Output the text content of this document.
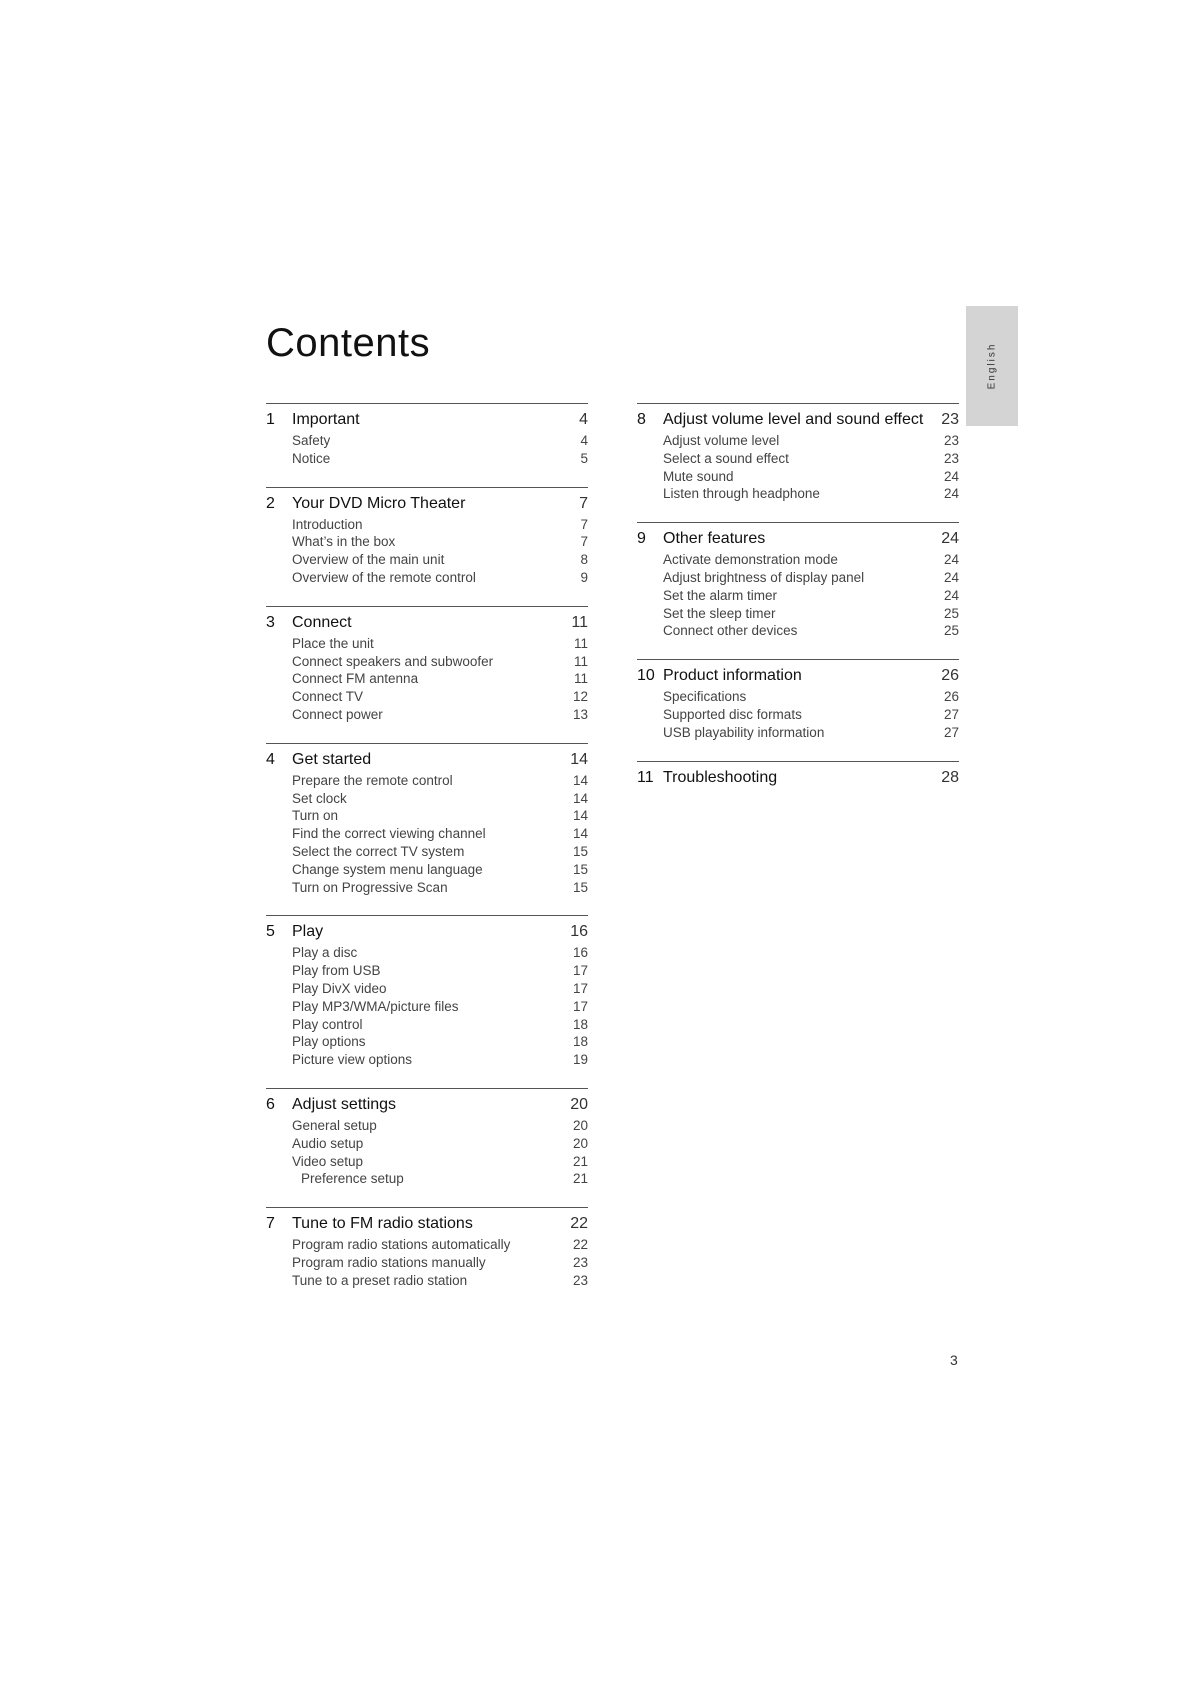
Contents	English
1	Important	4
Safety	4
Notice	5
2	Your DVD Micro Theater	7
Introduction	7
What’s in the box	7
Overview of the main unit	8
Overview of the remote control	9
3	Connect	11
Place the unit	11
Connect speakers and subwoofer	11
Connect FM antenna	11
Connect TV	12
Connect power	13
4	Get started	14
Prepare the remote control	14
Set clock	14
Turn on	14
Find the correct viewing channel	14
Select the correct TV system	15
Change system menu language	15
Turn on Progressive Scan	15
5	Play	16
Play a disc	16
Play from USB	17
Play DivX video	17
Play MP3/WMA/picture files	17
Play control	18
Play options	18
Picture view options	19
6	Adjust settings	20
General setup	20
Audio setup	20
Video setup	21
Preference setup	21
7	Tune to FM radio stations	22
Program radio stations automatically	22
Program radio stations manually	23
Tune to a preset radio station	23
8	Adjust volume level and sound effect	23
Adjust volume level	23
Select a sound effect	23
Mute sound	24
Listen through headphone	24
9	Other features	24
Activate demonstration mode	24
Adjust brightness of display panel	24
Set the alarm timer	24
Set the sleep timer	25
Connect other devices	25
10 Product information	26
Specifications	26
Supported disc formats	27
USB playability information	27
11 Troubleshooting	28
3
